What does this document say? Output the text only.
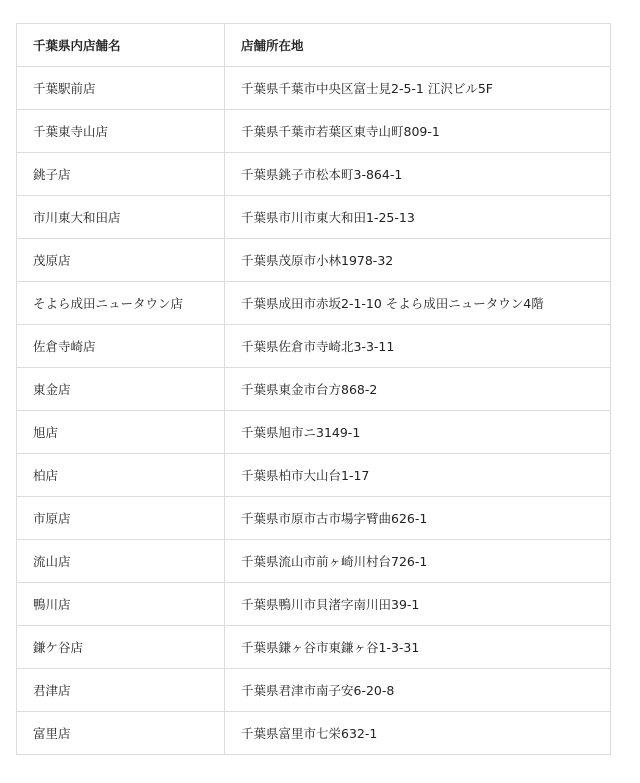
千葉県内店舗名	店舗所在地
千葉駅前店	千葉県千葉市中央区富士見2-5-1 江沢ビル5F
千葉東寺山店	千葉県千葉市若葉区東寺山町809-1
銚子店	千葉県銚子市松本町3-864-1
市川東大和田店	千葉県市川市東大和田1-25-13
茂原店	千葉県茂原市小林1978-32
そよら成田ニュータウン店	千葉県成田市赤坂2-1-10 そよら成田ニュータウン4階
佐倉寺崎店	千葉県佐倉市寺崎北3-3-11
東金店	千葉県東金市台方868-2
旭店	千葉県旭市ニ3149-1
柏店	千葉県柏市大山台1-17
市原店	千葉県市原市古市場字臂曲626-1
流山店	千葉県流山市前ヶ崎川村台726-1
鴨川店	千葉県鴨川市貝渚字南川田39-1
鎌ケ谷店	千葉県鎌ヶ谷市東鎌ヶ谷1-3-31
君津店	千葉県君津市南子安6-20-8
富里店	千葉県富里市七栄632-1
